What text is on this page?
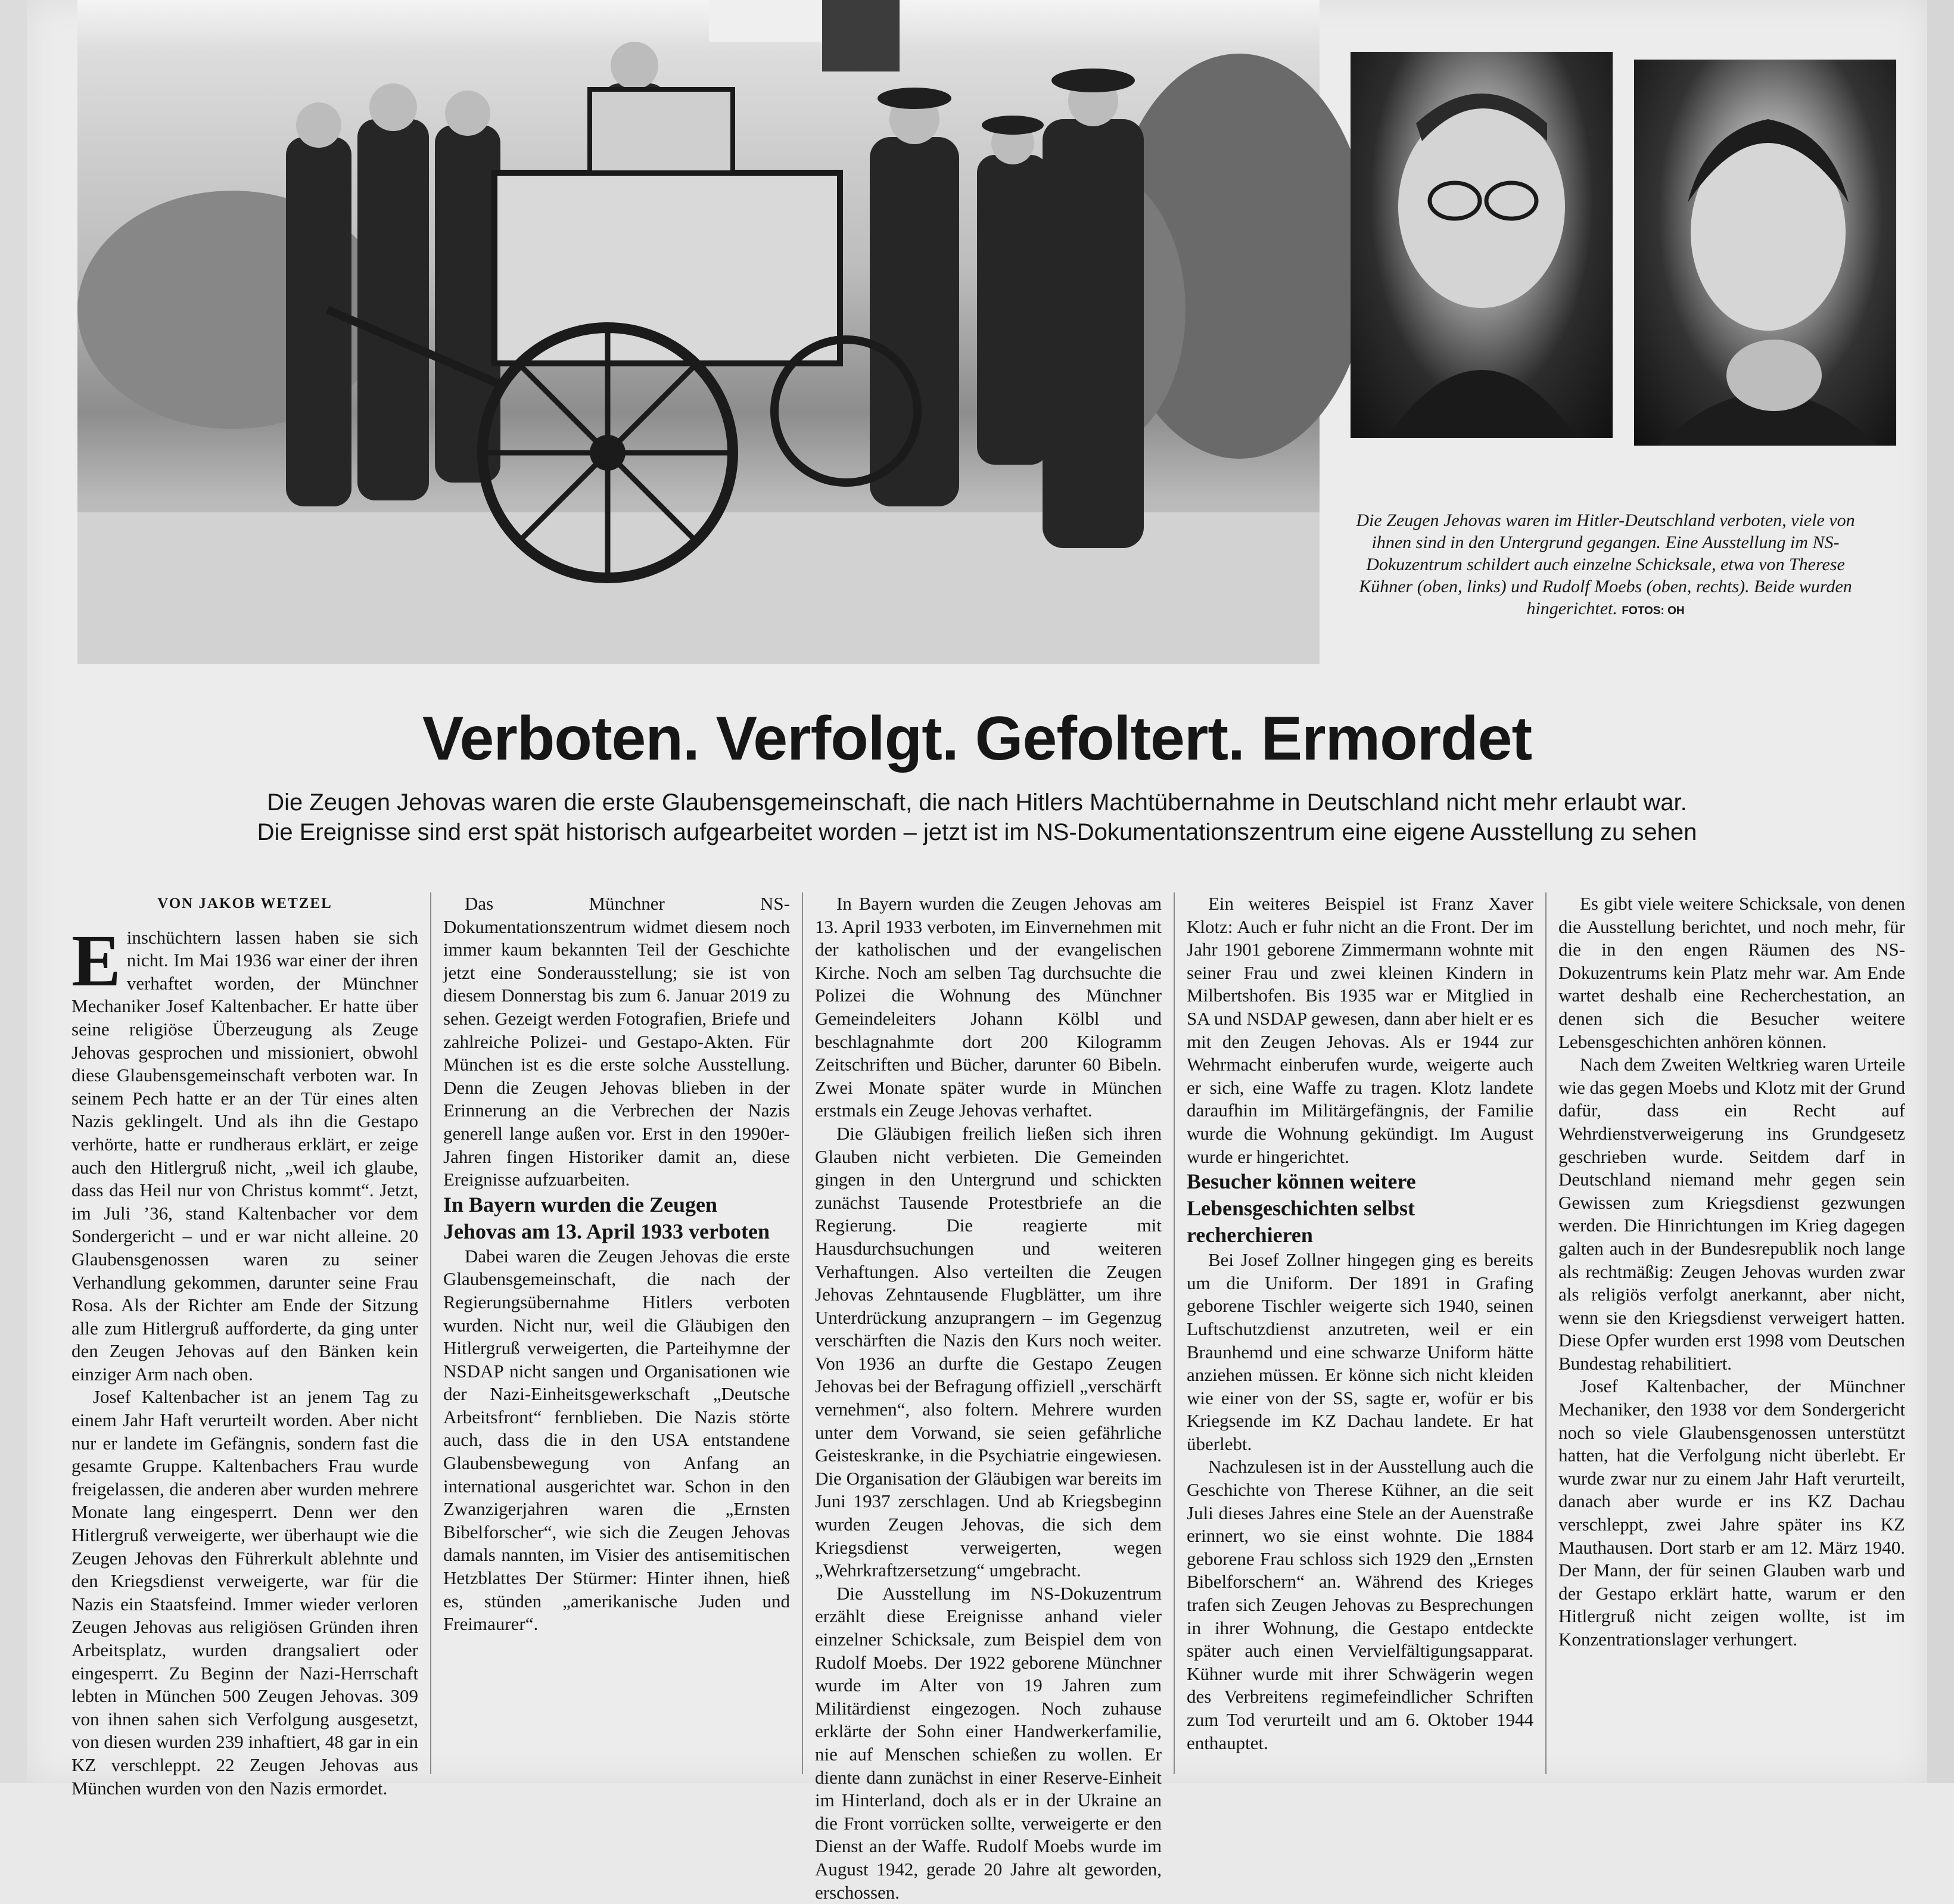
Die Zeugen Jehovas waren im Hitler-Deutschland verboten, viele von ihnen sind in den Untergrund gegangen. Eine Ausstellung im NS-Dokuzentrum schildert auch einzelne Schicksale, etwa von Therese Kühner (oben, links) und Rudolf Moebs (oben, rechts). Beide wurden hingerichtet. FOTOS: OH
Verboten. Verfolgt. Gefoltert. Ermordet

Die Zeugen Jehovas waren die erste Glaubensgemeinschaft, die nach Hitlers Machtübernahme in Deutschland nicht mehr erlaubt war.

Die Ereignisse sind erst spät historisch aufgearbeitet worden – jetzt ist im NS-Dokumentationszentrum eine eigene Ausstellung zu sehen

VON JAKOB WETZEL

Einschüchtern lassen haben sie sich nicht. Im Mai 1936 war einer der ihren verhaftet worden, der Münchner Mechaniker Josef Kaltenbacher. Er hatte über seine religiöse Überzeugung als Zeuge Jehovas gesprochen und missioniert, obwohl diese Glaubensgemeinschaft verboten war. In seinem Pech hatte er an der Tür eines alten Nazis geklingelt. Und als ihn die Gestapo verhörte, hatte er rundheraus erklärt, er zeige auch den Hitlergruß nicht, „weil ich glaube, dass das Heil nur von Christus kommt“. Jetzt, im Juli ’36, stand Kaltenbacher vor dem Sondergericht – und er war nicht alleine. 20 Glaubensgenossen waren zu seiner Verhandlung gekommen, darunter seine Frau Rosa. Als der Richter am Ende der Sitzung alle zum Hitlergruß aufforderte, da ging unter den Zeugen Jehovas auf den Bänken kein einziger Arm nach oben.

Josef Kaltenbacher ist an jenem Tag zu einem Jahr Haft verurteilt worden. Aber nicht nur er landete im Gefängnis, sondern fast die gesamte Gruppe. Kaltenbachers Frau wurde freigelassen, die anderen aber wurden mehrere Monate lang eingesperrt. Denn wer den Hitlergruß verweigerte, wer überhaupt wie die Zeugen Jehovas den Führerkult ablehnte und den Kriegsdienst verweigerte, war für die Nazis ein Staatsfeind. Immer wieder verloren Zeugen Jehovas aus religiösen Gründen ihren Arbeitsplatz, wurden drangsaliert oder eingesperrt. Zu Beginn der Nazi-Herrschaft lebten in München 500 Zeugen Jehovas. 309 von ihnen sahen sich Verfolgung ausgesetzt, von diesen wurden 239 inhaftiert, 48 gar in ein KZ verschleppt. 22 Zeugen Jehovas aus München wurden von den Nazis ermordet.

Das Münchner NS-Dokumentationszentrum widmet diesem noch immer kaum bekannten Teil der Geschichte jetzt eine Sonderausstellung; sie ist von diesem Donnerstag bis zum 6. Januar 2019 zu sehen. Gezeigt werden Fotografien, Briefe und zahlreiche Polizei- und Gestapo-Akten. Für München ist es die erste solche Ausstellung. Denn die Zeugen Jehovas blieben in der Erinnerung an die Verbrechen der Nazis generell lange außen vor. Erst in den 1990er-Jahren fingen Historiker damit an, diese Ereignisse aufzuarbeiten.

In Bayern wurden die Zeugen Jehovas am 13. April 1933 verboten

Dabei waren die Zeugen Jehovas die erste Glaubensgemeinschaft, die nach der Regierungsübernahme Hitlers verboten wurden. Nicht nur, weil die Gläubigen den Hitlergruß verweigerten, die Parteihymne der NSDAP nicht sangen und Organisationen wie der Nazi-Einheitsgewerkschaft „Deutsche Arbeitsfront“ fernblieben. Die Nazis störte auch, dass die in den USA entstandene Glaubensbewegung von Anfang an international ausgerichtet war. Schon in den Zwanzigerjahren waren die „Ernsten Bibelforscher“, wie sich die Zeugen Jehovas damals nannten, im Visier des antisemitischen Hetzblattes Der Stürmer: Hinter ihnen, hieß es, stünden „amerikanische Juden und Freimaurer“.

In Bayern wurden die Zeugen Jehovas am 13. April 1933 verboten, im Einvernehmen mit der katholischen und der evangelischen Kirche. Noch am selben Tag durchsuchte die Polizei die Wohnung des Münchner Gemeindeleiters Johann Kölbl und beschlagnahmte dort 200 Kilogramm Zeitschriften und Bücher, darunter 60 Bibeln. Zwei Monate später wurde in München erstmals ein Zeuge Jehovas verhaftet.

Die Gläubigen freilich ließen sich ihren Glauben nicht verbieten. Die Gemeinden gingen in den Untergrund und schickten zunächst Tausende Protestbriefe an die Regierung. Die reagierte mit Hausdurchsuchungen und weiteren Verhaftungen. Also verteilten die Zeugen Jehovas Zehntausende Flugblätter, um ihre Unterdrückung anzuprangern – im Gegenzug verschärften die Nazis den Kurs noch weiter. Von 1936 an durfte die Gestapo Zeugen Jehovas bei der Befragung offiziell „verschärft vernehmen“, also foltern. Mehrere wurden unter dem Vorwand, sie seien gefährliche Geisteskranke, in die Psychiatrie eingewiesen. Die Organisation der Gläubigen war bereits im Juni 1937 zerschlagen. Und ab Kriegsbeginn wurden Zeugen Jehovas, die sich dem Kriegsdienst verweigerten, wegen „Wehrkraftzersetzung“ umgebracht.

Die Ausstellung im NS-Dokuzentrum erzählt diese Ereignisse anhand vieler einzelner Schicksale, zum Beispiel dem von Rudolf Moebs. Der 1922 geborene Münchner wurde im Alter von 19 Jahren zum Militärdienst eingezogen. Noch zuhause erklärte der Sohn einer Handwerkerfamilie, nie auf Menschen schießen zu wollen. Er diente dann zunächst in einer Reserve-Einheit im Hinterland, doch als er in der Ukraine an die Front vorrücken sollte, verweigerte er den Dienst an der Waffe. Rudolf Moebs wurde im August 1942, gerade 20 Jahre alt geworden, erschossen.

Ein weiteres Beispiel ist Franz Xaver Klotz: Auch er fuhr nicht an die Front. Der im Jahr 1901 geborene Zimmermann wohnte mit seiner Frau und zwei kleinen Kindern in Milbertshofen. Bis 1935 war er Mitglied in SA und NSDAP gewesen, dann aber hielt er es mit den Zeugen Jehovas. Als er 1944 zur Wehrmacht einberufen wurde, weigerte auch er sich, eine Waffe zu tragen. Klotz landete daraufhin im Militärgefängnis, der Familie wurde die Wohnung gekündigt. Im August wurde er hingerichtet.

Besucher können weitere Lebensgeschichten selbst recherchieren

Bei Josef Zollner hingegen ging es bereits um die Uniform. Der 1891 in Grafing geborene Tischler weigerte sich 1940, seinen Luftschutzdienst anzutreten, weil er ein Braunhemd und eine schwarze Uniform hätte anziehen müssen. Er könne sich nicht kleiden wie einer von der SS, sagte er, wofür er bis Kriegsende im KZ Dachau landete. Er hat überlebt.

Nachzulesen ist in der Ausstellung auch die Geschichte von Therese Kühner, an die seit Juli dieses Jahres eine Stele an der Auenstraße erinnert, wo sie einst wohnte. Die 1884 geborene Frau schloss sich 1929 den „Ernsten Bibelforschern“ an. Während des Krieges trafen sich Zeugen Jehovas zu Besprechungen in ihrer Wohnung, die Gestapo entdeckte später auch einen Vervielfältigungsapparat. Kühner wurde mit ihrer Schwägerin wegen des Verbreitens regimefeindlicher Schriften zum Tod verurteilt und am 6. Oktober 1944 enthauptet.

Es gibt viele weitere Schicksale, von denen die Ausstellung berichtet, und noch mehr, für die in den engen Räumen des NS-Dokuzentrums kein Platz mehr war. Am Ende wartet deshalb eine Recherchestation, an denen sich die Besucher weitere Lebensgeschichten anhören können.

Nach dem Zweiten Weltkrieg waren Urteile wie das gegen Moebs und Klotz mit der Grund dafür, dass ein Recht auf Wehrdienstverweigerung ins Grundgesetz geschrieben wurde. Seitdem darf in Deutschland niemand mehr gegen sein Gewissen zum Kriegsdienst gezwungen werden. Die Hinrichtungen im Krieg dagegen galten auch in der Bundesrepublik noch lange als rechtmäßig: Zeugen Jehovas wurden zwar als religiös verfolgt anerkannt, aber nicht, wenn sie den Kriegsdienst verweigert hatten. Diese Opfer wurden erst 1998 vom Deutschen Bundestag rehabilitiert.

Josef Kaltenbacher, der Münchner Mechaniker, den 1938 vor dem Sondergericht noch so viele Glaubensgenossen unterstützt hatten, hat die Verfolgung nicht überlebt. Er wurde zwar nur zu einem Jahr Haft verurteilt, danach aber wurde er ins KZ Dachau verschleppt, zwei Jahre später ins KZ Mauthausen. Dort starb er am 12. März 1940. Der Mann, der für seinen Glauben warb und der Gestapo erklärt hatte, warum er den Hitlergruß nicht zeigen wollte, ist im Konzentrationslager verhungert.
